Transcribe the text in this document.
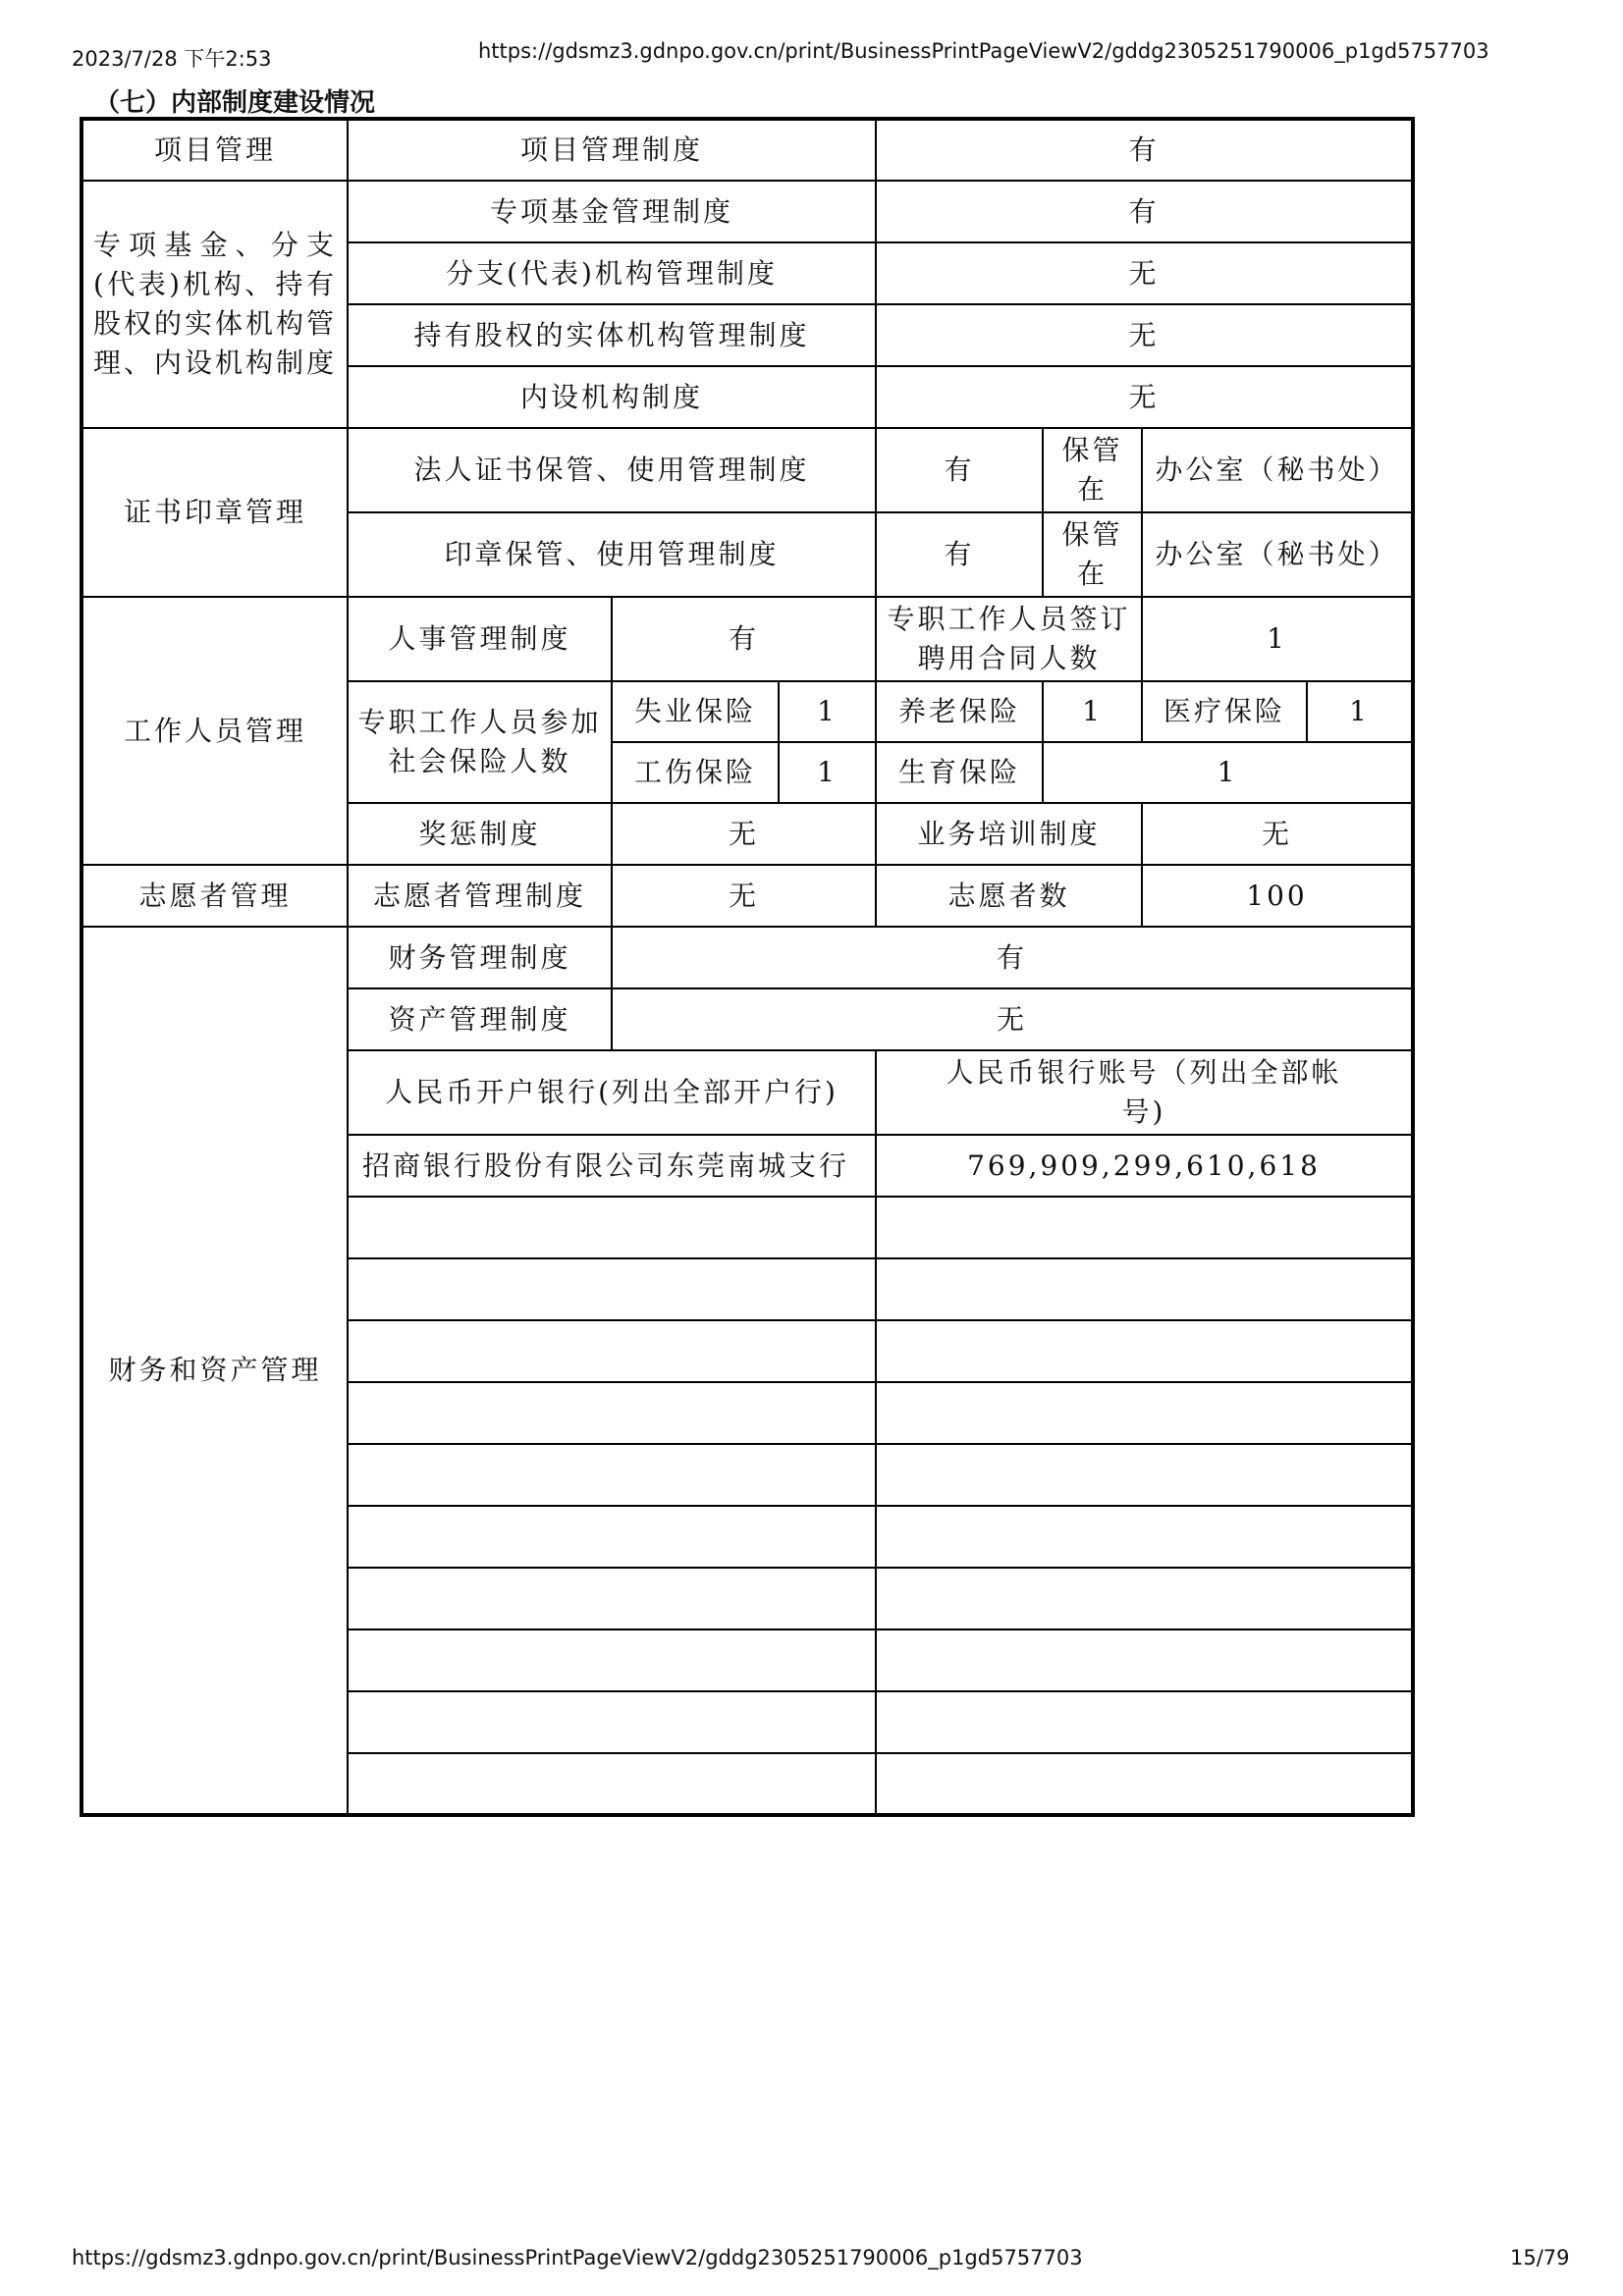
2023/7/28 下午2:53	https://gdsmz3.gdnpo.gov.cn/print/BusinessPrintPageViewV2/gddg2305251790006_p1gd5757703
（七）内部制度建设情况
项目管理	项目管理制度			有			
专项基金、分支(代表)机构、持有股权的实体机构管理、内设机构制度	专项基金管理制度			有			
	分支(代表)机构管理制度			无			
	持有股权的实体机构管理制度			无			
	内设机构制度			无			
证书印章管理	法人证书保管、使用管理制度			有	保管在	办公室（秘书处）	
	印章保管、使用管理制度			有	保管在	办公室（秘书处）	
工作人员管理	人事管理制度	有		专职工作人员签订聘用合同人数		1	
	专职工作人员参加社会保险人数	失业保险	1	养老保险	1	医疗保险	1
		工伤保险	1	生育保险	1		
	奖惩制度	无		业务培训制度		无	
志愿者管理	志愿者管理制度	无		志愿者数		100	
财务和资产管理	财务管理制度	有					
	资产管理制度	无					
	人民币开户银行(列出全部开户行)			人民币银行账号（列出全部帐号)			
	招商银行股份有限公司东莞南城支行			769,909,299,610,618			

https://gdsmz3.gdnpo.gov.cn/print/BusinessPrintPageViewV2/gddg2305251790006_p1gd5757703	15/79
